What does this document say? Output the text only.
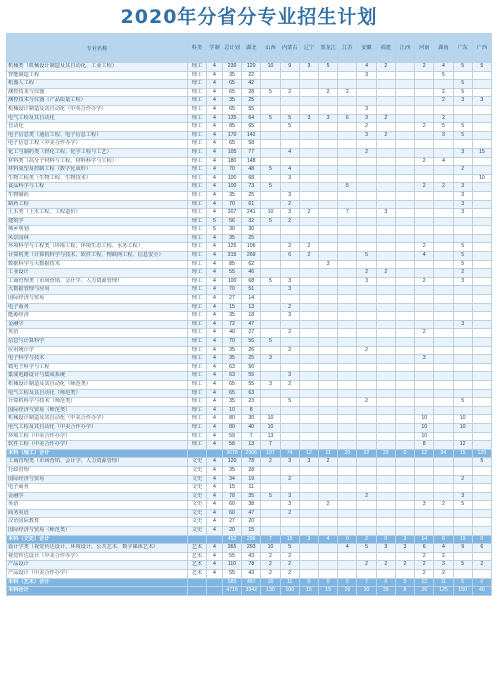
2020年分省分专业招生计划
专业名称	科类	学制	总计划	湖北	山西	内蒙古	辽宁	黑龙江	江苏	安徽	福建	江西	河南	湖南	广东	广西
机械类（机械设计制造及其自动化、工业工程）	理工	4	230	120	10	9	3	5		4	2		2	4	5	5
智能制造工程	理工	4	35	22						3				5		
机器人工程	理工	4	65	42											5	
测控技术与仪器	理工	4	65	28	5	2		2	2					2	5	
测控技术与仪器（产品质量工程）	理工	4	35	25										2	3	3
机械设计制造及其自动化（中英合作办学）	理工	4	65	55						3						
电气工程及其自动化	理工	4	135	64	5	5	3	3	6	3	2			2		
自动化	理工	4	85	65		5				2			2	5	5	
电子信息类（通信工程、电子信息工程）	理工	4	170	142						3	2			3	5	
电子信息工程（中美合作办学）	理工	4	65	58												
化工与制药类（轻化工程、化学工程与工艺）	理工	4	105	77		4				2					3	15
材料类（高分子材料与工程、材料科学与工程）	理工	4	180	148									2	4		
材料成型及控制工程（数字化成形）	理工	4	70	48	5	4									2	
生物工程类（生物工程、生物技术）	理工	4	100	68		3										10
食品科学与工程	理工	4	100	73	5				5				2	2	3	
生物制药	理工	4	35	25		3									3	
制药工程	理工	4	70	61		2									3	
土木类（土木工程、工程造价）	理工	4	207	241	10	3	2		7		3				3	
建筑学	理工	5	56	32	5	2										
城乡规划	理工	5	30	30												
风景园林	理工	4	35	25												
环境科学与工程类（环境工程、环境生态工程、水务工程）	理工	4	125	106		2	2						2		5	
计算机类（计算机科学与技术、软件工程、物联网工程、信息安全）	理工	4	315	269		6	2			5			4		5	
数据科学与大数据技术	理工	4	85	62				3							5	
工业设计	理工	4	55	46						2	2				2	
工商管理类（市场营销、会计学、人力资源管理）	理工	4	100	68	5	3				3			2		3	
大数据管理与应用	理工	4	70	51		3										
国际经济与贸易	理工	4	27	14												
电子商务	理工	4	15	13		2										
能源经济	理工	4	35	18		3										
金融学	理工	4	72	47											3	
英语	理工	4	40	27		2							2			
信息与计算科学	理工	4	70	56	5											
应用统计学	理工	4	35	26		2				2						
电子科学与技术	理工	4	35	25	3								3			
微电子科学与工程	理工	4	63	56												
集成电路设计与集成系统	理工	4	63	55		3										
机械设计制造及其自动化（师范类）	理工	4	65	55	3	2										
电气工程及其自动化（师范类）	理工	4	65	63												
计算机科学与技术（师范类）	理工	4	35	23		5				2					5	
国际经济与贸易（师范类）	理工	4	10	8												
机械设计制造及其自动化（中美合作办学）	理工	4	80	30	10								10		10	
电气工程及其自动化（中美合作办学）	理工	4	80	40	10								10		10	
环境工程（中美合作办学）	理工	4	59	7	13								10			
软件工程（中美合作办学）	理工	4	58	13	7								8		12	
本科（理工）合计			3678	2906	107	74	12	11	20	22	33	0	12	94	15	120
工商管理类（市场营销、会计学、人力资源管理）	文史	4	120	78	2	3	3	2								5
行政管理	文史	4	35	28												
国际经济与贸易	文史	4	34	19		2									2	
电子商务	文史	4	15	11												
金融学	文史	4	78	35	5	3				2					3	
英语	文史	4	60	38		3		2					3	2	5	
商务英语	文史	4	60	47		2										
汉语国际教育	文史	4	27	20												
国际经济与贸易（师范类）	文史	4	20	15												
本科（文史）合计			452	296	7	15	3	4	0	2	0	3	14	6	19	0
设计学类（视觉传达设计、环境设计、公共艺术、数字媒体艺术）	艺术	4	365	293	10	5			4	5	3	3	6	4	9	6
视觉传达设计（中美合作办学）	艺术	4	55	43	2	2							2	2		
产品设计	艺术	4	110	78	2	2				2	2	2	2	3	5	2
产品设计（中美合作办学）	艺术	4	55	43	2	2							2	2		
本科（艺术）合计			585	457	16	11	0	0	6	7	6	5	12	11	5	0
本科合计			4715	3342	130	100	15	15	26	30	39	8	26	125	150	40
